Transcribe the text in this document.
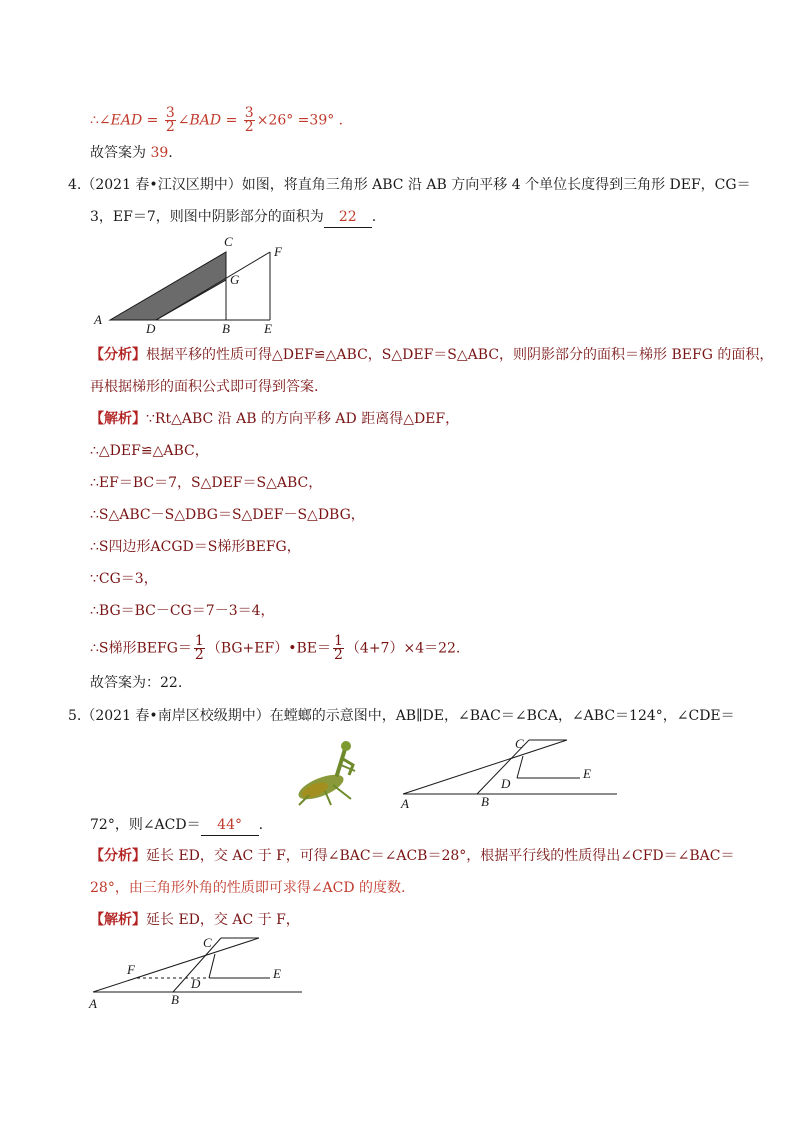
∴∠EAD = $\frac{3}{2}$ ∠BAD = $\frac{3}{2} \times 26^\circ =39^\circ$ .
故答案为 39.
4.（2021 春•江汉区期中）如图，将直角三角形 ABC 沿 AB 方向平移 4 个单位长度得到三角形 DEF，CG＝
3，EF＝7，则图中阴影部分的面积为 22 .
A
D	B	E
C
F
G
【分析】根据平移的性质可得△DEF≌△ABC，S△DEF＝S△ABC，则阴影部分的面积＝梯形 BEFG 的面积，
再根据梯形的面积公式即可得到答案.
【解析】∵Rt△ABC 沿 AB 的方向平移 AD 距离得△DEF，
∴△DEF≌△ABC，
∴EF＝BC＝7，S△DEF＝S△ABC，
∴S△ABC－S△DBG＝S△DEF－S△DBG，
∴S四边形ACGD＝S梯形BEFG，
∵CG＝3，
∴BG＝BC－CG＝7－3＝4，
∴S梯形BEFG＝ $\frac{1}{2}$ （BG+EF）•BE＝ $\frac{1}{2} (4+7)\times 4=22$.
故答案为：22.
5.（2021 春•南岸区校级期中）在螳螂的示意图中，AB∥DE，∠BAC＝∠BCA，∠ABC＝124°，∠CDE＝
A	B
C
D
E
72°，则∠ACD＝ 44° .
【分析】延长 ED，交 AC 于 F，可得∠BAC＝∠ACB＝28°，根据平行线的性质得出∠CFD＝∠BAC＝
28°，由三角形外角的性质即可求得∠ACD 的度数.
【解析】延长 ED，交 AC 于 F，
A	B
C
D
E
F
